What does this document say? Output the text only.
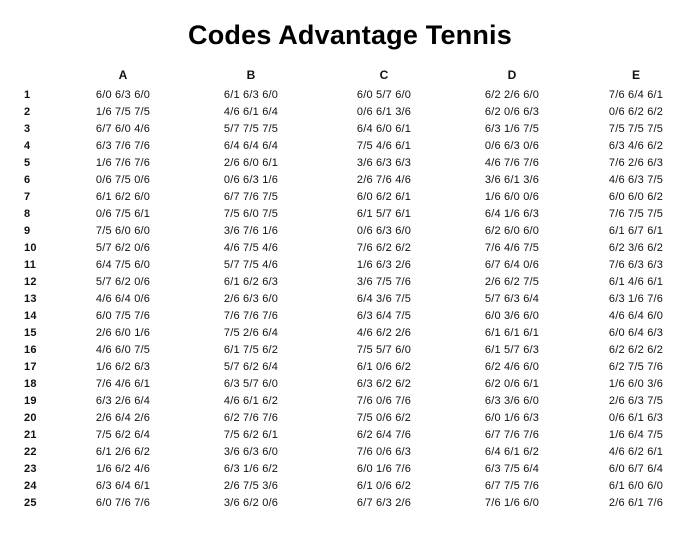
Codes Advantage Tennis
	A	B	C	D	E
1	6/0 6/3 6/0	6/1 6/3 6/0	6/0 5/7 6/0	6/2 2/6 6/0	7/6 6/4 6/1
2	1/6 7/5 7/5	4/6 6/1 6/4	0/6 6/1 3/6	6/2 0/6 6/3	0/6 6/2 6/2
3	6/7 6/0 4/6	5/7 7/5 7/5	6/4 6/0 6/1	6/3 1/6 7/5	7/5 7/5 7/5
4	6/3 7/6 7/6	6/4 6/4 6/4	7/5 4/6 6/1	0/6 6/3 0/6	6/3 4/6 6/2
5	1/6 7/6 7/6	2/6 6/0 6/1	3/6 6/3 6/3	4/6 7/6 7/6	7/6 2/6 6/3
6	0/6 7/5 0/6	0/6 6/3 1/6	2/6 7/6 4/6	3/6 6/1 3/6	4/6 6/3 7/5
7	6/1 6/2 6/0	6/7 7/6 7/5	6/0 6/2 6/1	1/6 6/0 0/6	6/0 6/0 6/2
8	0/6 7/5 6/1	7/5 6/0 7/5	6/1 5/7 6/1	6/4 1/6 6/3	7/6 7/5 7/5
9	7/5 6/0 6/0	3/6 7/6 1/6	0/6 6/3 6/0	6/2 6/0 6/0	6/1 6/7 6/1
10	5/7 6/2 0/6	4/6 7/5 4/6	7/6 6/2 6/2	7/6 4/6 7/5	6/2 3/6 6/2
11	6/4 7/5 6/0	5/7 7/5 4/6	1/6 6/3 2/6	6/7 6/4 0/6	7/6 6/3 6/3
12	5/7 6/2 0/6	6/1 6/2 6/3	3/6 7/5 7/6	2/6 6/2 7/5	6/1 4/6 6/1
13	4/6 6/4 0/6	2/6 6/3 6/0	6/4 3/6 7/5	5/7 6/3 6/4	6/3 1/6 7/6
14	6/0 7/5 7/6	7/6 7/6 7/6	6/3 6/4 7/5	6/0 3/6 6/0	4/6 6/4 6/0
15	2/6 6/0 1/6	7/5 2/6 6/4	4/6 6/2 2/6	6/1 6/1 6/1	6/0 6/4 6/3
16	4/6 6/0 7/5	6/1 7/5 6/2	7/5 5/7 6/0	6/1 5/7 6/3	6/2 6/2 6/2
17	1/6 6/2 6/3	5/7 6/2 6/4	6/1 0/6 6/2	6/2 4/6 6/0	6/2 7/5 7/6
18	7/6 4/6 6/1	6/3 5/7 6/0	6/3 6/2 6/2	6/2 0/6 6/1	1/6 6/0 3/6
19	6/3 2/6 6/4	4/6 6/1 6/2	7/6 0/6 7/6	6/3 3/6 6/0	2/6 6/3 7/5
20	2/6 6/4 2/6	6/2 7/6 7/6	7/5 0/6 6/2	6/0 1/6 6/3	0/6 6/1 6/3
21	7/5 6/2 6/4	7/5 6/2 6/1	6/2 6/4 7/6	6/7 7/6 7/6	1/6 6/4 7/5
22	6/1 2/6 6/2	3/6 6/3 6/0	7/6 0/6 6/3	6/4 6/1 6/2	4/6 6/2 6/1
23	1/6 6/2 4/6	6/3 1/6 6/2	6/0 1/6 7/6	6/3 7/5 6/4	6/0 6/7 6/4
24	6/3 6/4 6/1	2/6 7/5 3/6	6/1 0/6 6/2	6/7 7/5 7/6	6/1 6/0 6/0
25	6/0 7/6 7/6	3/6 6/2 0/6	6/7 6/3 2/6	7/6 1/6 6/0	2/6 6/1 7/6
